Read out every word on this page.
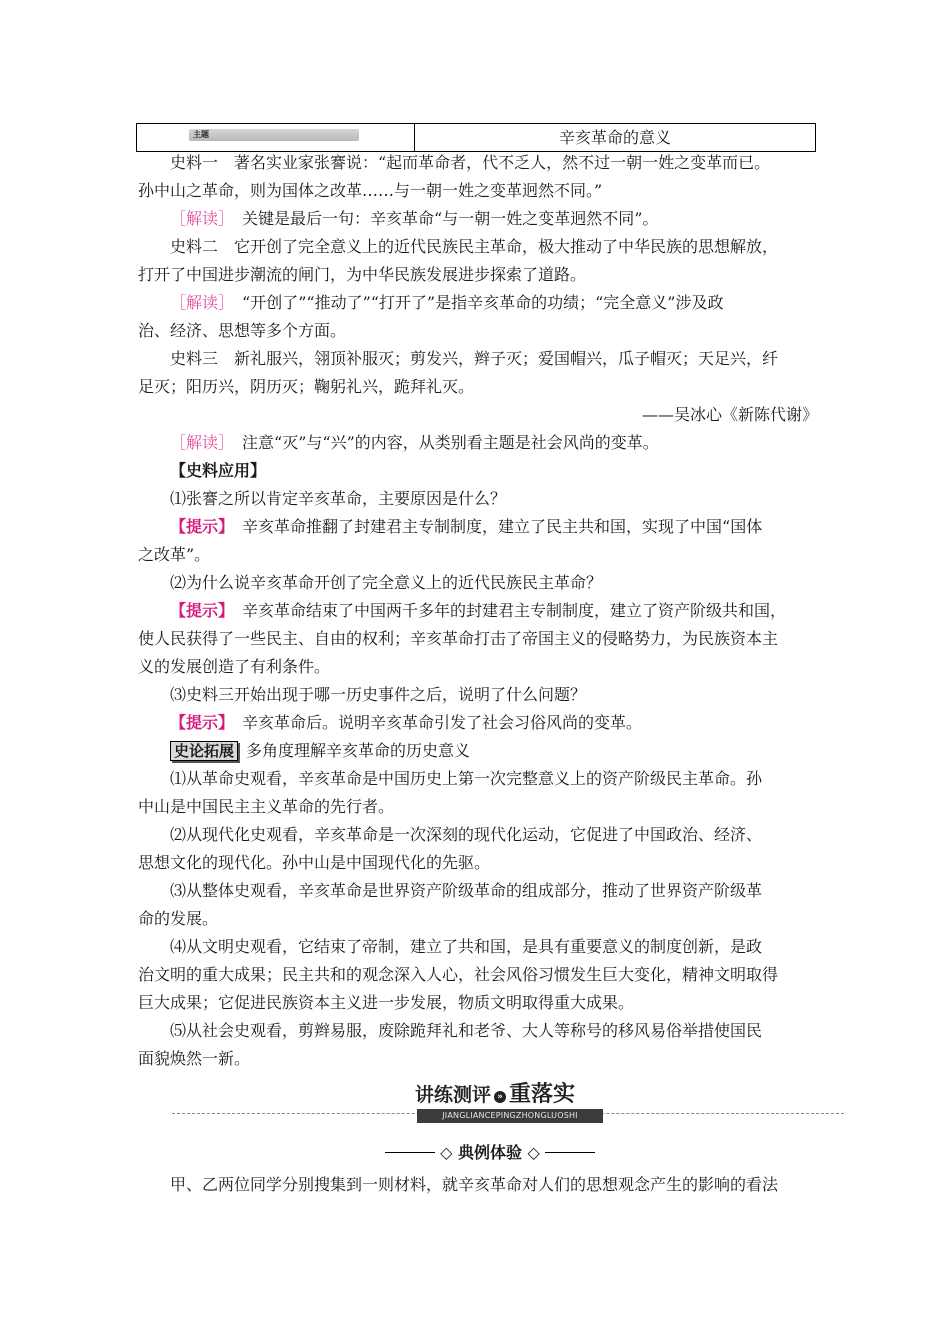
主题	辛亥革命的意义
史料一　著名实业家张謇说：“起而革命者，代不乏人，然不过一朝一姓之变革而已。
孙中山之革命，则为国体之改革……与一朝一姓之变革迥然不同。”
［解读］　 关键是最后一句：辛亥革命“与一朝一姓之变革迥然不同”。
史料二　它开创了完全意义上的近代民族民主革命，极大推动了中华民族的思想解放，
打开了中国进步潮流的闸门，为中华民族发展进步探索了道路。
［解读］　 “开创了”“推动了”“打开了”是指辛亥革命的功绩；“完全意义”涉及政
治、经济、思想等多个方面。
史料三　新礼服兴，翎顶补服灭；剪发兴，辫子灭；爱国帽兴，瓜子帽灭；天足兴，纤
足灭；阳历兴，阴历灭；鞠躬礼兴，跪拜礼灭。
——吴冰心《新陈代谢》
［解读］　 注意“灭”与“兴”的内容，从类别看主题是社会风尚的变革。
【史料应用】
⑴张謇之所以肯定辛亥革命，主要原因是什么？
【提示】　 辛亥革命推翻了封建君主专制制度，建立了民主共和国，实现了中国“国体
之改革”。
⑵为什么说辛亥革命开创了完全意义上的近代民族民主革命？
【提示】　 辛亥革命结束了中国两千多年的封建君主专制制度，建立了资产阶级共和国，
使人民获得了一些民主、自由的权利；辛亥革命打击了帝国主义的侵略势力，为民族资本主
义的发展创造了有利条件。
⑶史料三开始出现于哪一历史事件之后，说明了什么问题？
【提示】　 辛亥革命后。说明辛亥革命引发了社会习俗风尚的变革。
史论拓展 多角度理解辛亥革命的历史意义
⑴从革命史观看，辛亥革命是中国历史上第一次完整意义上的资产阶级民主革命。孙
中山是中国民主主义革命的先行者。
⑵从现代化史观看，辛亥革命是一次深刻的现代化运动，它促进了中国政治、经济、
思想文化的现代化。孙中山是中国现代化的先驱。
⑶从整体史观看，辛亥革命是世界资产阶级革命的组成部分，推动了世界资产阶级革
命的发展。
⑷从文明史观看，它结束了帝制，建立了共和国，是具有重要意义的制度创新，是政
治文明的重大成果；民主共和的观念深入人心，社会风俗习惯发生巨大变化，精神文明取得
巨大成果；它促进民族资本主义进一步发展，物质文明取得重大成果。
⑸从社会史观看，剪辫易服，废除跪拜礼和老爷、大人等称号的移风易俗举措使国民
面貌焕然一新。
讲练测评 » 重落实
JIANGLIANCEPINGZHONGLUOSHI
◇ 典例体验 ◇
甲、乙两位同学分别搜集到一则材料，就辛亥革命对人们的思想观念产生的影响的看法
